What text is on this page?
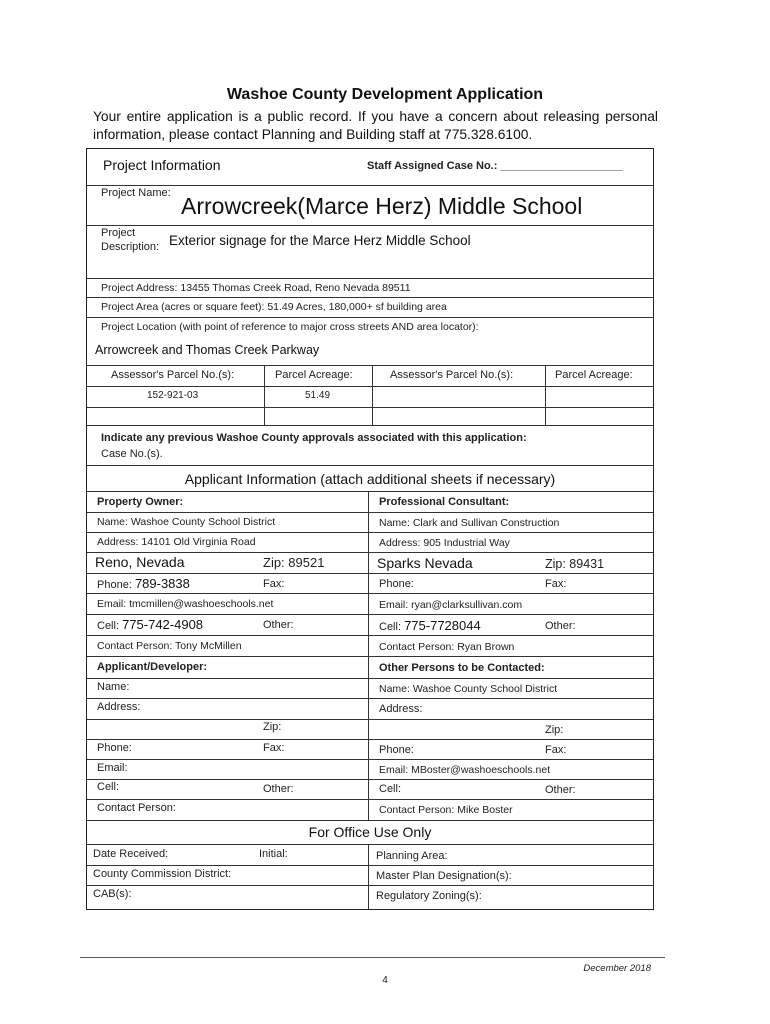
Washoe County Development Application
Your entire application is a public record. If you have a concern about releasing personal information, please contact Planning and Building staff at 775.328.6100.
Project Information	Staff Assigned Case No.: ____________________
Project Name: Arrowcreek(Marce Herz) Middle School
Project
Description: Exterior signage for the Marce Herz Middle School
Project Address: 13455 Thomas Creek Road, Reno Nevada 89511
Project Area (acres or square feet): 51.49 Acres, 180,000+ sf building area
Project Location (with point of reference to major cross streets AND area locator):
Arrowcreek and Thomas Creek Parkway
Assessor's Parcel No.(s):	Parcel Acreage:	Assessor's Parcel No.(s):	Parcel Acreage:
152-921-03	51.49
Indicate any previous Washoe County approvals associated with this application:
Case No.(s).
Applicant Information (attach additional sheets if necessary)
Property Owner:	Professional Consultant:
Name: Washoe County School District	Name: Clark and Sullivan Construction
Address: 14101 Old Virginia Road	Address: 905 Industrial Way
Reno, Nevada	Zip: 89521	Sparks Nevada	Zip: 89431
Phone: 789-3838	Fax:	Phone:	Fax:
Email: tmcmillen@washoeschools.net	Email: ryan@clarksullivan.com
Cell: 775-742-4908	Other:	Cell: 775-7728044	Other:
Contact Person: Tony McMillen	Contact Person: Ryan Brown
Applicant/Developer:	Other Persons to be Contacted:
Name:	Name: Washoe County School District
Address:	Address:
Zip:	Zip:
Phone:	Fax:	Phone:	Fax:
Email:	Email: MBoster@washoeschools.net
Cell:	Other:	Cell:	Other:
Contact Person:	Contact Person: Mike Boster
For Office Use Only
Date Received:	Initial:	Planning Area:
County Commission District:	Master Plan Designation(s):
CAB(s):	Regulatory Zoning(s):
December 2018
4
